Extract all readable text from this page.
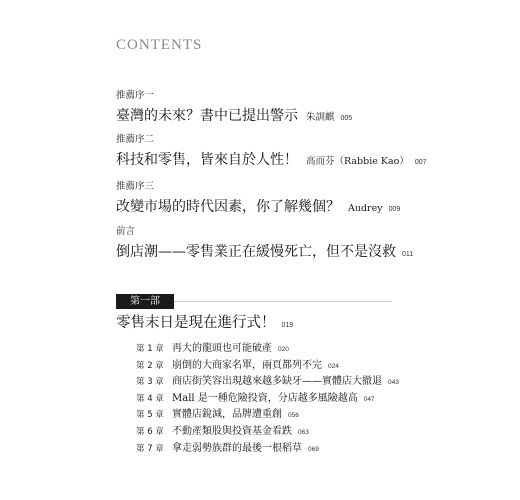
CONTENTS
推薦序一
臺灣的未來？書中已提出警示 朱訓麒 005
推薦序二
科技和零售，皆來自於人性！ 高而芬（Rabbie Kao） 007
推薦序三
改變市場的時代因素，你了解幾個？ Audrey 009
前言
倒店潮——零售業正在緩慢死亡，但不是沒救 011
第一部
零售末日是現在進行式！ 019
第 1 章 再大的龍頭也可能破產 020
第 2 章 崩倒的大商家名單，兩頁都列不完 024
第 3 章 商店街笑容出現越來越多缺牙——實體店大撤退 043
第 4 章 Mall 是一種危險投資，分店越多風險越高 047
第 5 章 實體店銳減，品牌遭重創 056
第 6 章 不動產類股與投資基金看跌 063
第 7 章 拿走弱勢族群的最後一根稻草 069
